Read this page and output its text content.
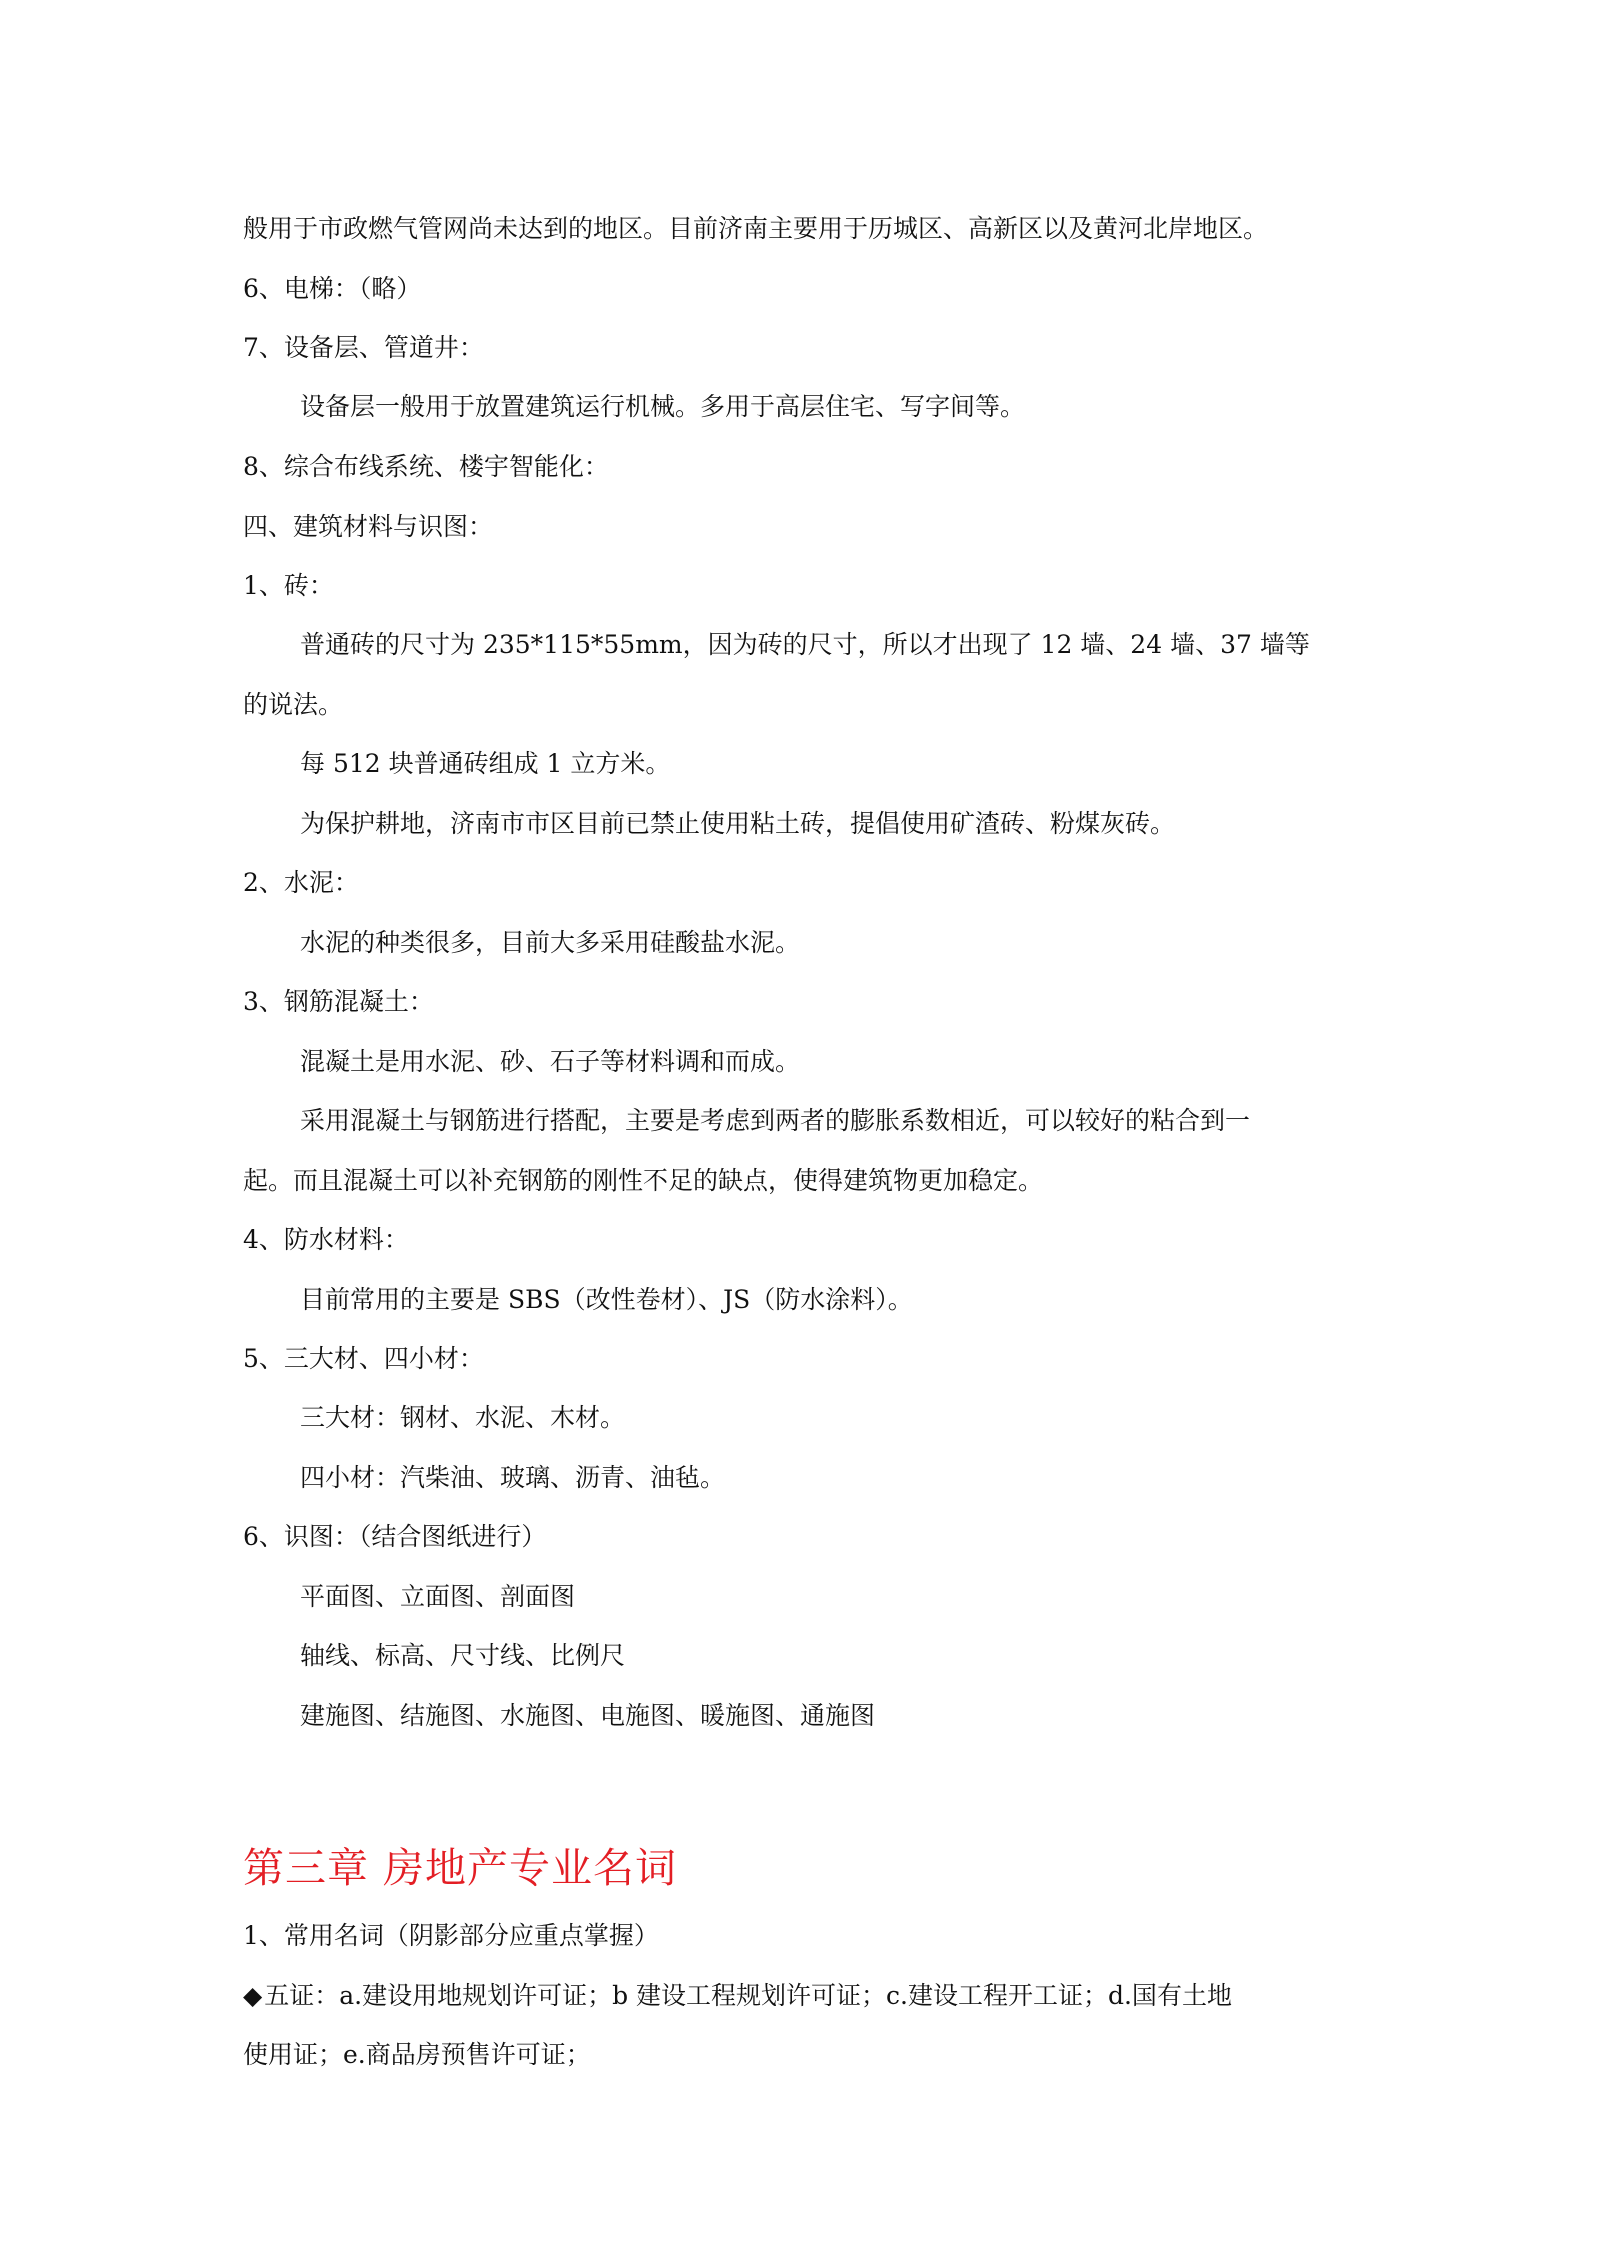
般用于市政燃气管网尚未达到的地区。目前济南主要用于历城区、高新区以及黄河北岸地区。
6、电梯：（略）
7、设备层、管道井：
设备层一般用于放置建筑运行机械。多用于高层住宅、写字间等。
8、综合布线系统、楼宇智能化：
四、建筑材料与识图：
1、砖：
普通砖的尺寸为 235*115*55mm，因为砖的尺寸，所以才出现了 12 墙、24 墙、37 墙等
的说法。
每 512 块普通砖组成 1 立方米。
为保护耕地，济南市市区目前已禁止使用粘土砖，提倡使用矿渣砖、粉煤灰砖。
2、水泥：
水泥的种类很多，目前大多采用硅酸盐水泥。
3、钢筋混凝土：
混凝土是用水泥、砂、石子等材料调和而成。
采用混凝土与钢筋进行搭配，主要是考虑到两者的膨胀系数相近，可以较好的粘合到一
起。而且混凝土可以补充钢筋的刚性不足的缺点，使得建筑物更加稳定。
4、防水材料：
目前常用的主要是 SBS（改性卷材）、JS（防水涂料）。
5、三大材、四小材：
三大材：钢材、水泥、木材。
四小材：汽柴油、玻璃、沥青、油毡。
6、识图：（结合图纸进行）
平面图、立面图、剖面图
轴线、标高、尺寸线、比例尺
建施图、结施图、水施图、电施图、暖施图、通施图
第三章 房地产专业名词
1、常用名词（阴影部分应重点掌握）
◆五证：a.建设用地规划许可证；b 建设工程规划许可证；c.建设工程开工证；d.国有土地
使用证；e.商品房预售许可证；
